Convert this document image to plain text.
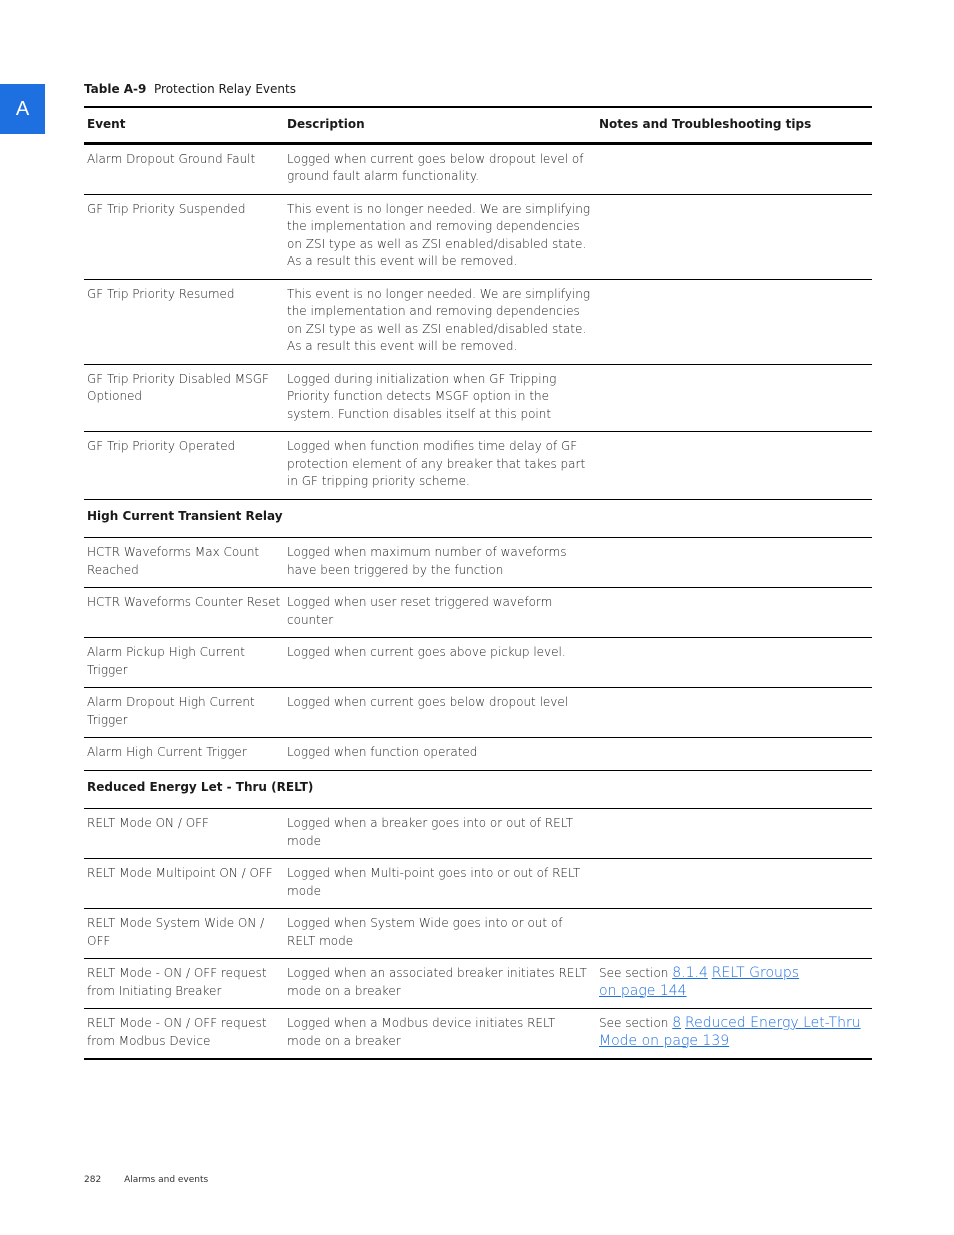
A
Table A-9 Protection Relay Events
Event	Description	Notes and Troubleshooting tips
Alarm Dropout Ground Fault	Logged when current goes below dropout level of ground fault alarm functionality.	
GF Trip Priority Suspended	This event is no longer needed. We are simplifying the implementation and removing dependencies on ZSI type as well as ZSI enabled/disabled state. As a result this event will be removed.	
GF Trip Priority Resumed	This event is no longer needed. We are simplifying the implementation and removing dependencies on ZSI type as well as ZSI enabled/disabled state. As a result this event will be removed.	
GF Trip Priority Disabled MSGF Optioned	Logged during initialization when GF Tripping Priority function detects MSGF option in the system. Function disables itself at this point	
GF Trip Priority Operated	Logged when function modifies time delay of GF protection element of any breaker that takes part in GF tripping priority scheme.	
High Current Transient Relay		
HCTR Waveforms Max Count Reached	Logged when maximum number of waveforms have been triggered by the function	
HCTR Waveforms Counter Reset	Logged when user reset triggered waveform counter	
Alarm Pickup High Current Trigger	Logged when current goes above pickup level.	
Alarm Dropout High Current Trigger	Logged when current goes below dropout level	
Alarm High Current Trigger	Logged when function operated	
Reduced Energy Let - Thru (RELT)		
RELT Mode ON / OFF	Logged when a breaker goes into or out of RELT mode	
RELT Mode Multipoint ON / OFF	Logged when Multi-point goes into or out of RELT mode	
RELT Mode System Wide ON / OFF	Logged when System Wide goes into or out of RELT mode	
RELT Mode - ON / OFF request from Initiating Breaker	Logged when an associated breaker initiates RELT mode on a breaker	See section 8.1.4 RELT Groups
on page 144
RELT Mode - ON / OFF request from Modbus Device	Logged when a Modbus device initiates RELT mode on a breaker	See section 8 Reduced Energy Let-Thru
Mode on page 139
282	Alarms and events
